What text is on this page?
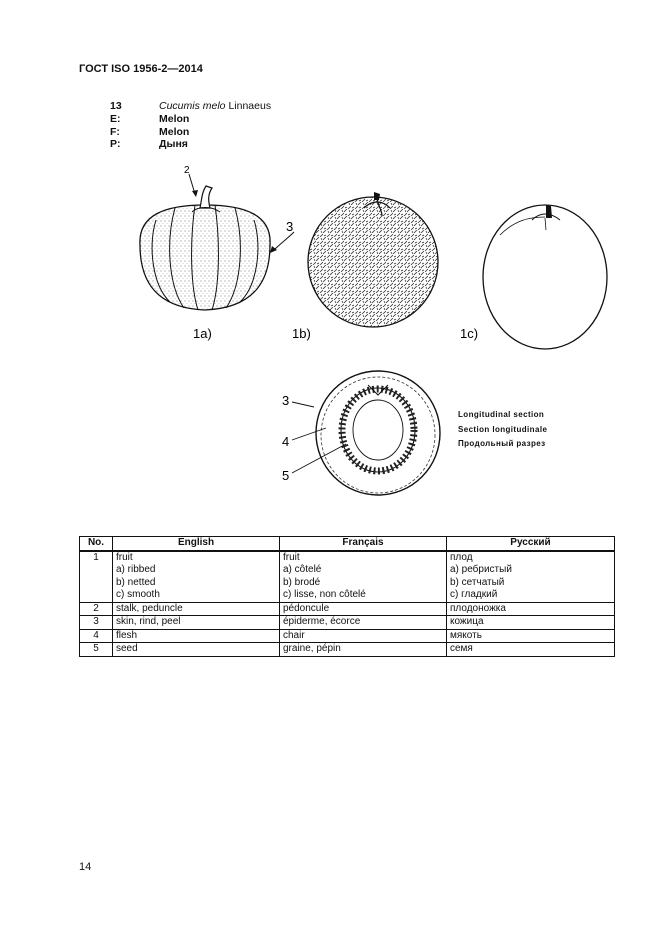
ГОСТ ISO 1956-2—2014
13	Cucumis melo Linnaeus
E:	Melon
F:	Melon
P:	Дыня
2
1a)
3
1b)	1c)
3
4
5
Longitudinal section
Section longitudinale
Продольный разрез
No.	English	Français	Русский
1	fruit
a) ribbed
b) netted
c) smooth	fruit
a) côtelé
b) brodé
c) lisse, non côtelé	плод
а) ребристый
b) сетчатый
c) гладкий

2	stalk, peduncle	pédoncule	плодоножка
3	skin, rind, peel	épiderme, écorce	кожица
4	flesh	chair	мякоть
5	seed	graine, pépin	семя
14
